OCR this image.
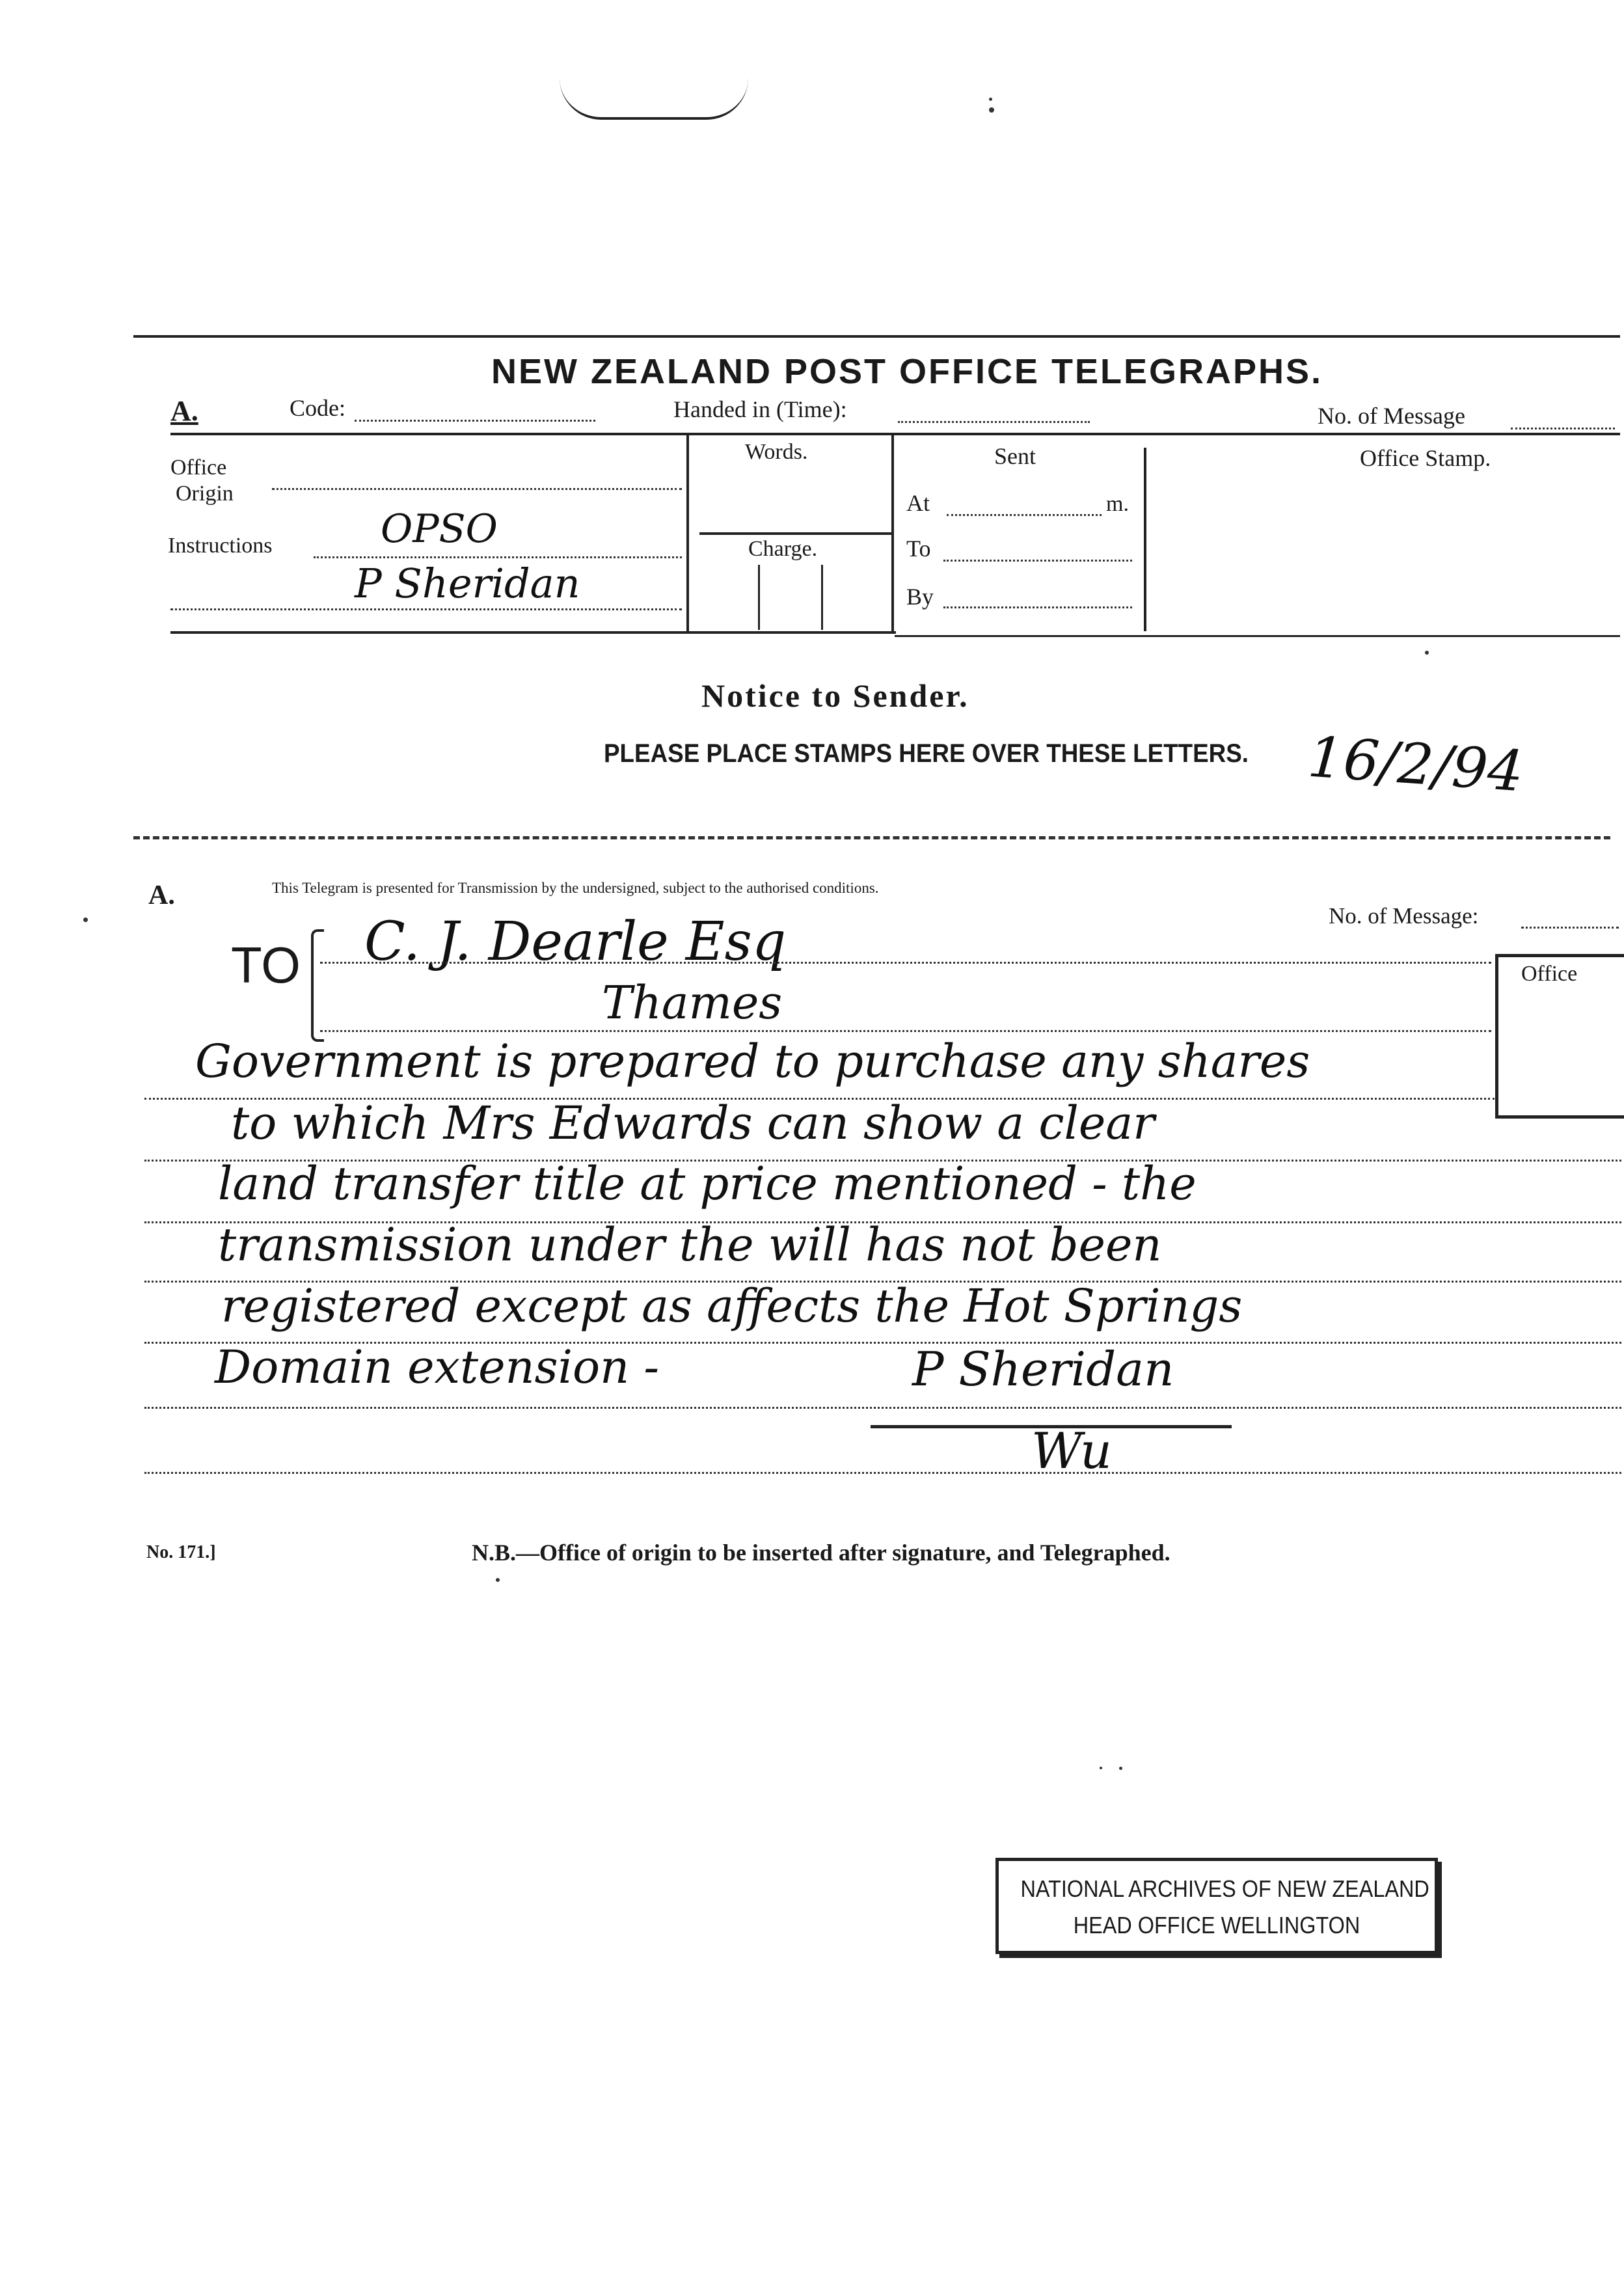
NEW ZEALAND POST OFFICE TELEGRAPHS.
A.	Code:	Handed in (Time):	No. of Message
Office
Origin
Instructions	OPSO
P Sheridan
Words.
Charge.
Sent
At	m.
To
By
Office Stamp.
Notice to Sender.
PLEASE PLACE STAMPS HERE OVER THESE LETTERS. 16/2/94
A.	This Telegram is presented for Transmission by the undersigned, subject to the authorised conditions.
No. of Message:
TO C. J. Dearle Esq
Thames
Office
Government is prepared to purchase any shares
to which Mrs Edwards can show a clear
land transfer title at price mentioned - the
transmission under the will has not been
registered except as affects the Hot Springs
Domain extension -	P Sheridan
Wu
No. 171.]	N.B.—Office of origin to be inserted after signature, and Telegraphed.
NATIONAL ARCHIVES OF NEW ZEALAND
HEAD OFFICE WELLINGTON
